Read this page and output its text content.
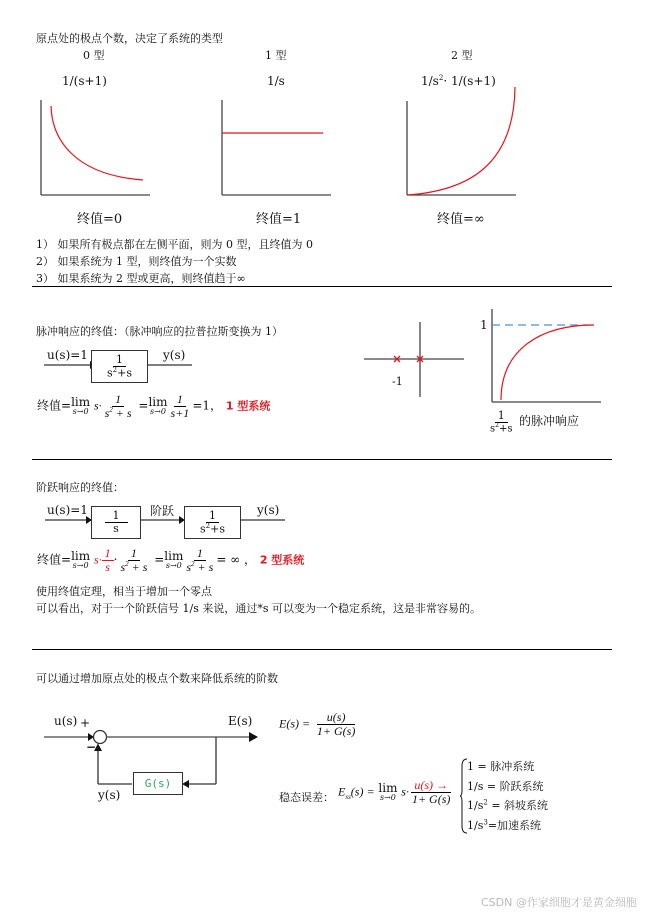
原点处的极点个数，决定了系统的类型
0 型	1 型	2 型
1/(s+1)	1/s	$1/s^2\cdot 1/(s+1)$
终值=0	终值=1	终值=∞
1） 如果所有极点都在左侧平面，则为 0 型，且终值为 0
2） 如果系统为 1 型，则终值为一个实数
3） 如果系统为 2 型或更高，则终值趋于∞
脉冲响应的终值：（脉冲响应的拉普拉斯变换为 1）
u(s)=1	y(s)
$\frac{1}{s^2+s}$
终值= lim
s→0 $s\cdot \frac{1}{s^2 + s} = \lim$
$s\to 0 \frac{1}{s+1} =1$， 1 型系统
-1
1
$\frac{1}{s^2+s}$ 的脉冲响应
阶跃响应的终值：
u(s)=1	阶跃	y(s)
$\frac{1}{s}$	$\frac{1}{s^2+s}$
终值= lim
s→0 $s\cdot \frac{1}{s} \cdot \frac{1}{s^2 + s} = \lim$
$s\to 0 \frac{1}{s^2 + s}$ = ∞ ， 2 型系统
使用终值定理，相当于增加一个零点
可以看出，对于一个阶跃信号 1/s 来说，通过*s 可以变为一个稳定系统，这是非常容易的。
可以通过增加原点处的极点个数来降低系统的阶数
u(s) +
−
E(s)
y(s)
G(s)
$E(s) = \frac{u(s)}{1+ G(s)}$
稳态误差： $E_{ss}(s) = \lim$
s→0 $s\cdot \frac{u(s) \to}{1+ G(s)}$
1 = 脉冲系统
1/s = 阶跃系统
$1/s^2$ = 斜坡系统
$1/s^3=$加速系统
CSDN @作家细胞才是黄金细胞
